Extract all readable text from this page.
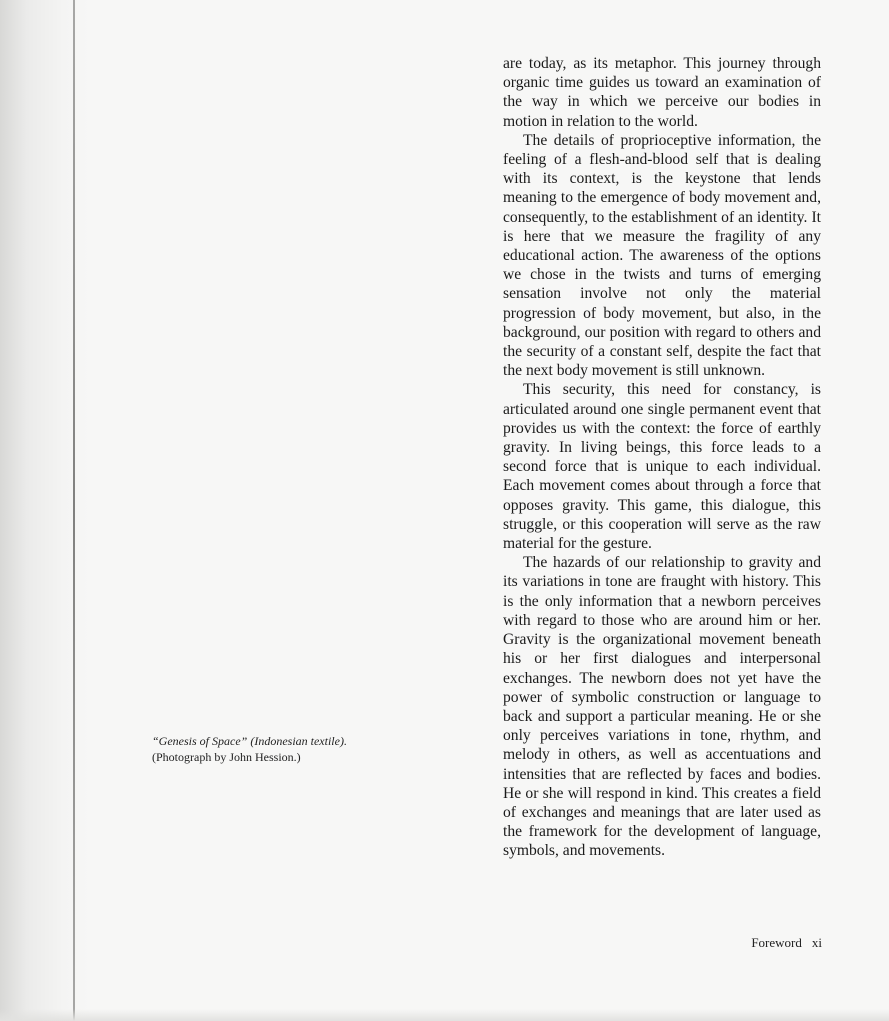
“Genesis of Space” (Indonesian textile).
(Photograph by John Hession.)

are today, as its metaphor. This journey through organic time guides us toward an examination of the way in which we perceive our bodies in motion in relation to the world.

The details of proprioceptive information, the feeling of a flesh-and-blood self that is dealing with its context, is the keystone that lends meaning to the emergence of body movement and, consequently, to the establishment of an identity. It is here that we measure the fragility of any educational action. The awareness of the options we chose in the twists and turns of emerging sensation involve not only the material progression of body movement, but also, in the background, our position with regard to others and the security of a constant self, despite the fact that the next body movement is still unknown.

This security, this need for constancy, is articulated around one single permanent event that provides us with the context: the force of earthly gravity. In living beings, this force leads to a second force that is unique to each individual. Each movement comes about through a force that opposes gravity. This game, this dialogue, this struggle, or this cooperation will serve as the raw material for the gesture.

The hazards of our relationship to gravity and its variations in tone are fraught with history. This is the only information that a newborn perceives with regard to those who are around him or her. Gravity is the organizational movement beneath his or her first dialogues and interpersonal exchanges. The newborn does not yet have the power of symbolic construction or language to back and support a particular meaning. He or she only perceives variations in tone, rhythm, and melody in others, as well as accentuations and intensities that are reflected by faces and bodies. He or she will respond in kind. This creates a field of exchanges and meanings that are later used as the framework for the development of language, symbols, and movements.

Foreword xi
